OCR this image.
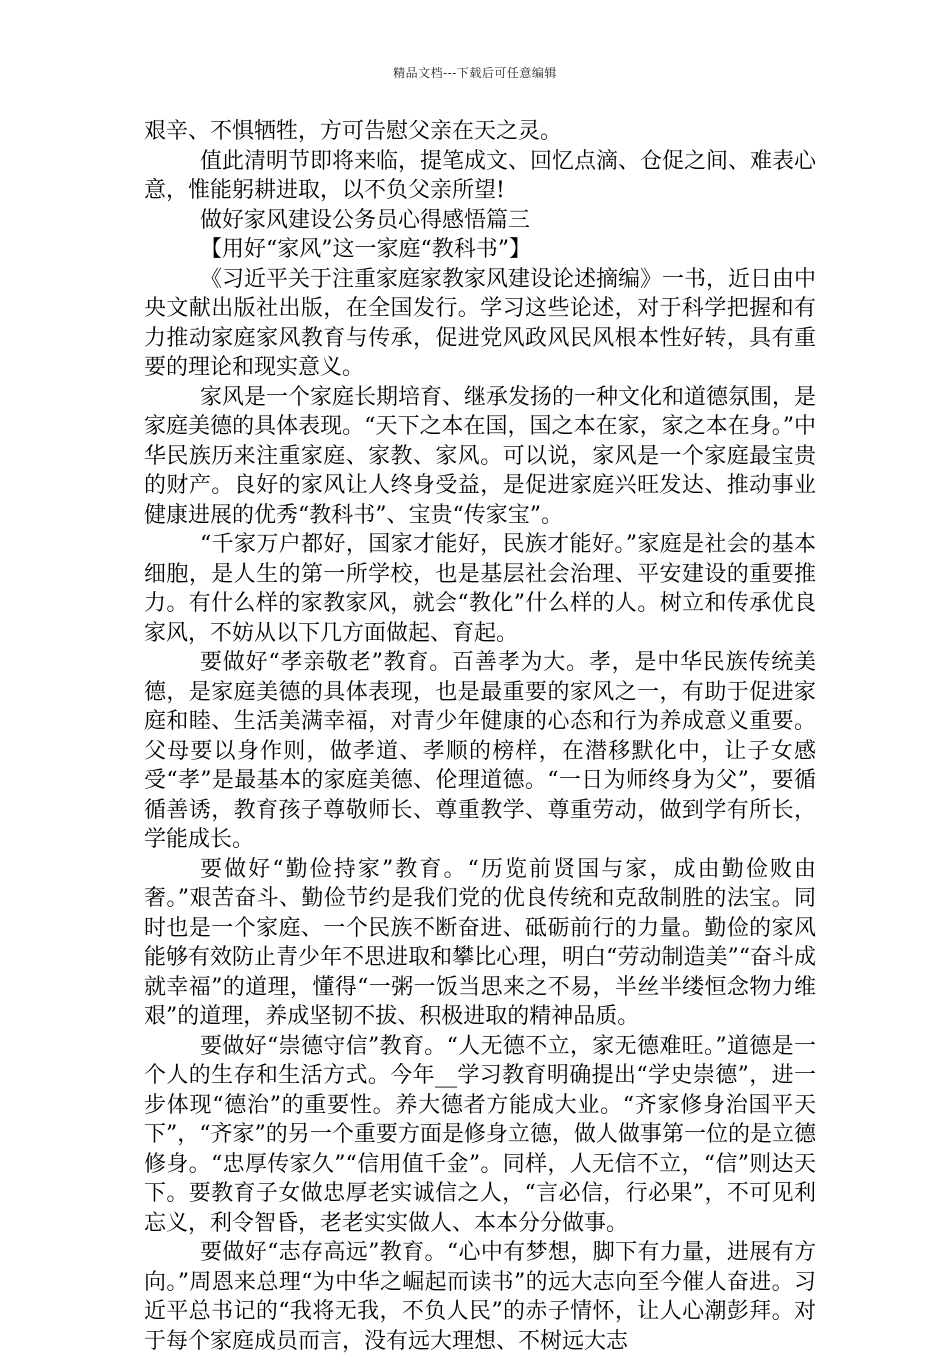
精品文档---下载后可任意编辑

艰辛、不惧牺牲，方可告慰父亲在天之灵。

值此清明节即将来临，提笔成文、回忆点滴、仓促之间、难表心意，惟能躬耕进取，以不负父亲所望!

做好家风建设公务员心得感悟篇三

【用好“家风”这一家庭“教科书”】

《习近平关于注重家庭家教家风建设论述摘编》一书，近日由中央文献出版社出版，在全国发行。学习这些论述，对于科学把握和有力推动家庭家风教育与传承，促进党风政风民风根本性好转，具有重要的理论和现实意义。

家风是一个家庭长期培育、继承发扬的一种文化和道德氛围，是家庭美德的具体表现。“天下之本在国，国之本在家，家之本在身。”中华民族历来注重家庭、家教、家风。可以说，家风是一个家庭最宝贵的财产。良好的家风让人终身受益，是促进家庭兴旺发达、推动事业健康进展的优秀“教科书”、宝贵“传家宝”。

“千家万户都好，国家才能好，民族才能好。”家庭是社会的基本细胞，是人生的第一所学校，也是基层社会治理、平安建设的重要推力。有什么样的家教家风，就会“教化”什么样的人。树立和传承优良家风，不妨从以下几方面做起、育起。

要做好“孝亲敬老”教育。百善孝为大。孝，是中华民族传统美德，是家庭美德的具体表现，也是最重要的家风之一，有助于促进家庭和睦、生活美满幸福，对青少年健康的心态和行为养成意义重要。父母要以身作则，做孝道、孝顺的榜样，在潜移默化中，让子女感受“孝”是最基本的家庭美德、伦理道德。“一日为师终身为父”，要循循善诱，教育孩子尊敬师长、尊重教学、尊重劳动，做到学有所长，学能成长。

要做好“勤俭持家”教育。“历览前贤国与家，成由勤俭败由奢。”艰苦奋斗、勤俭节约是我们党的优良传统和克敌制胜的法宝。同时也是一个家庭、一个民族不断奋进、砥砺前行的力量。勤俭的家风能够有效防止青少年不思进取和攀比心理，明白“劳动制造美”“奋斗成就幸福”的道理，懂得“一粥一饭当思来之不易，半丝半缕恒念物力维艰”的道理，养成坚韧不拔、积极进取的精神品质。

要做好“崇德守信”教育。“人无德不立，家无德难旺。”道德是一个人的生存和生活方式。今年__学习教育明确提出“学史崇德”，进一步体现“德治”的重要性。养大德者方能成大业。“齐家修身治国平天下”，“齐家”的另一个重要方面是修身立德，做人做事第一位的是立德修身。“忠厚传家久”“信用值千金”。同样，人无信不立，“信”则达天下。要教育子女做忠厚老实诚信之人，“言必信，行必果”，不可见利忘义，利令智昏，老老实实做人、本本分分做事。

要做好“志存高远”教育。“心中有梦想，脚下有力量，进展有方向。”周恩来总理“为中华之崛起而读书”的远大志向至今催人奋进。习近平总书记的“我将无我，不负人民”的赤子情怀，让人心潮彭拜。对于每个家庭成员而言，没有远大理想、不树远大志
